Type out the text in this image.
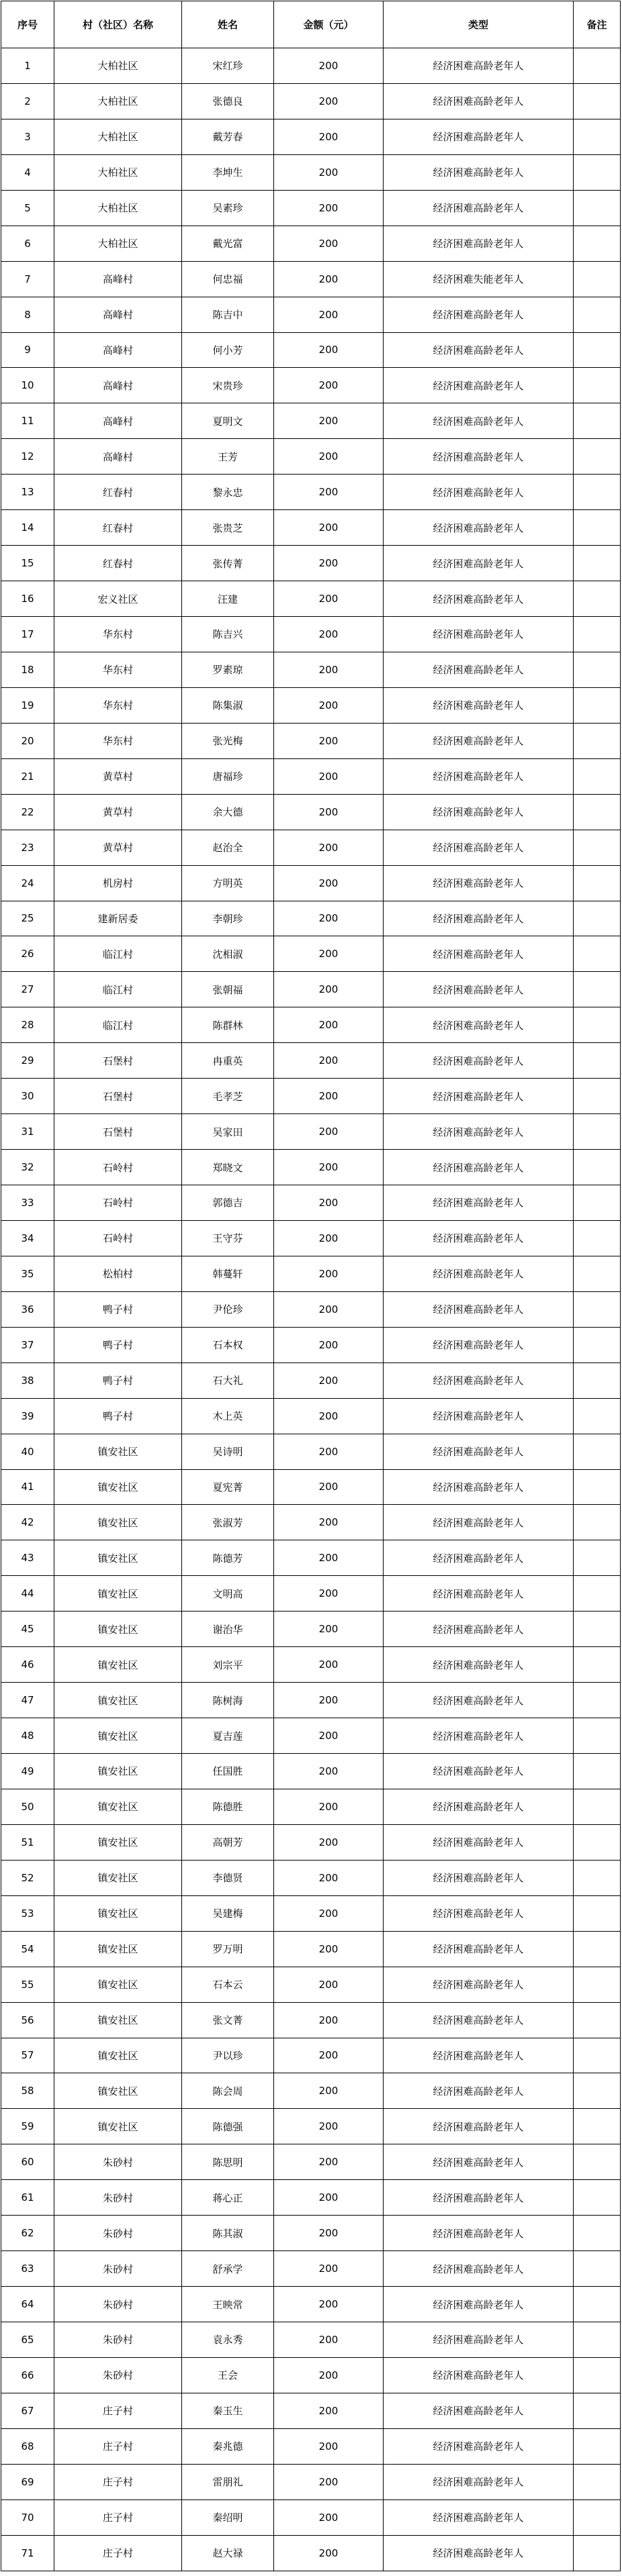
序号	村（社区）名称	姓名	金额（元）	类型	备注
1	大柏社区	宋红珍	200	经济困难高龄老年人	
2	大柏社区	张德良	200	经济困难高龄老年人	
3	大柏社区	戴芳春	200	经济困难高龄老年人	
4	大柏社区	李坤生	200	经济困难高龄老年人	
5	大柏社区	吴素珍	200	经济困难高龄老年人	
6	大柏社区	戴光富	200	经济困难高龄老年人	
7	高峰村	何忠福	200	经济困难失能老年人	
8	高峰村	陈吉中	200	经济困难高龄老年人	
9	高峰村	何小芳	200	经济困难高龄老年人	
10	高峰村	宋贵珍	200	经济困难高龄老年人	
11	高峰村	夏明文	200	经济困难高龄老年人	
12	高峰村	王芳	200	经济困难高龄老年人	
13	红春村	黎永忠	200	经济困难高龄老年人	
14	红春村	张贵芝	200	经济困难高龄老年人	
15	红春村	张传菁	200	经济困难高龄老年人	
16	宏义社区	汪建	200	经济困难高龄老年人	
17	华东村	陈吉兴	200	经济困难高龄老年人	
18	华东村	罗素琼	200	经济困难高龄老年人	
19	华东村	陈集淑	200	经济困难高龄老年人	
20	华东村	张光梅	200	经济困难高龄老年人	
21	黄草村	唐福珍	200	经济困难高龄老年人	
22	黄草村	余大德	200	经济困难高龄老年人	
23	黄草村	赵治全	200	经济困难高龄老年人	
24	机房村	方明英	200	经济困难高龄老年人	
25	建新居委	李朝珍	200	经济困难高龄老年人	
26	临江村	沈相淑	200	经济困难高龄老年人	
27	临江村	张朝福	200	经济困难高龄老年人	
28	临江村	陈群林	200	经济困难高龄老年人	
29	石堡村	冉重英	200	经济困难高龄老年人	
30	石堡村	毛孝芝	200	经济困难高龄老年人	
31	石堡村	吴家田	200	经济困难高龄老年人	
32	石岭村	郑晓文	200	经济困难高龄老年人	
33	石岭村	郭德吉	200	经济困难高龄老年人	
34	石岭村	王守芬	200	经济困难高龄老年人	
35	松柏村	韩蔓轩	200	经济困难高龄老年人	
36	鸭子村	尹伦珍	200	经济困难高龄老年人	
37	鸭子村	石本权	200	经济困难高龄老年人	
38	鸭子村	石大礼	200	经济困难高龄老年人	
39	鸭子村	木上英	200	经济困难高龄老年人	
40	镇安社区	吴诗明	200	经济困难高龄老年人	
41	镇安社区	夏宪菁	200	经济困难高龄老年人	
42	镇安社区	张淑芳	200	经济困难高龄老年人	
43	镇安社区	陈德芳	200	经济困难高龄老年人	
44	镇安社区	文明高	200	经济困难高龄老年人	
45	镇安社区	谢治华	200	经济困难高龄老年人	
46	镇安社区	刘宗平	200	经济困难高龄老年人	
47	镇安社区	陈树海	200	经济困难高龄老年人	
48	镇安社区	夏吉莲	200	经济困难高龄老年人	
49	镇安社区	任国胜	200	经济困难高龄老年人	
50	镇安社区	陈德胜	200	经济困难高龄老年人	
51	镇安社区	高朝芳	200	经济困难高龄老年人	
52	镇安社区	李德贤	200	经济困难高龄老年人	
53	镇安社区	吴建梅	200	经济困难高龄老年人	
54	镇安社区	罗万明	200	经济困难高龄老年人	
55	镇安社区	石本云	200	经济困难高龄老年人	
56	镇安社区	张文菁	200	经济困难高龄老年人	
57	镇安社区	尹以珍	200	经济困难高龄老年人	
58	镇安社区	陈会周	200	经济困难高龄老年人	
59	镇安社区	陈德强	200	经济困难高龄老年人	
60	朱砂村	陈思明	200	经济困难高龄老年人	
61	朱砂村	蒋心正	200	经济困难高龄老年人	
62	朱砂村	陈其淑	200	经济困难高龄老年人	
63	朱砂村	舒承学	200	经济困难高龄老年人	
64	朱砂村	王映常	200	经济困难高龄老年人	
65	朱砂村	袁永秀	200	经济困难高龄老年人	
66	朱砂村	王会	200	经济困难高龄老年人	
67	庄子村	秦玉生	200	经济困难高龄老年人	
68	庄子村	秦兆德	200	经济困难高龄老年人	
69	庄子村	雷朋礼	200	经济困难高龄老年人	
70	庄子村	秦绍明	200	经济困难高龄老年人	
71	庄子村	赵大禄	200	经济困难高龄老年人	
